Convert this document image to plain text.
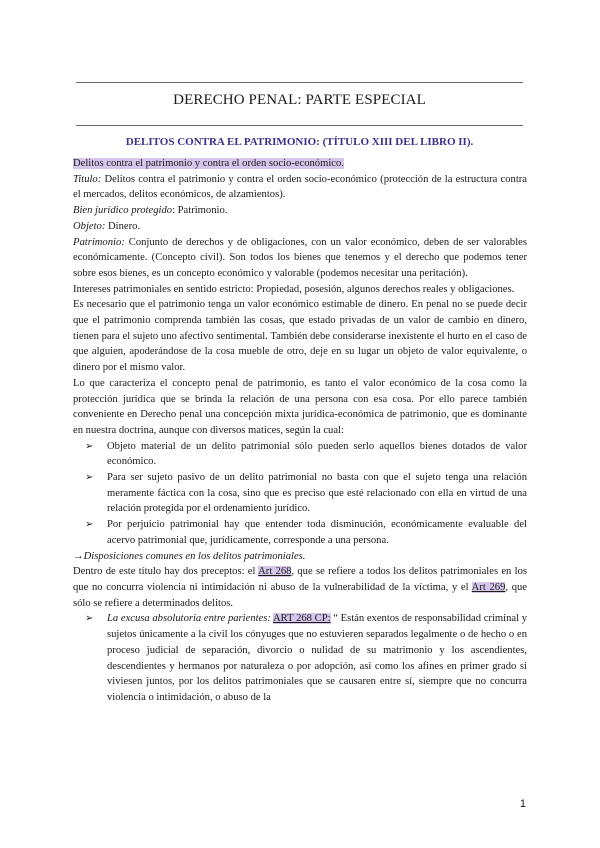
DERECHO PENAL: PARTE ESPECIAL
DELITOS CONTRA EL PATRIMONIO: (TÍTULO XIII DEL LIBRO II).

Delitos contra el patrimonio y contra el orden socio-económico.

Titulo: Delitos contra el patrimonio y contra el orden socio-económico (protección de la estructura contra el mercados, delitos económicos, de alzamientos).

Bien jurídico protegido: Patrimonio.

Objeto: Dinero.

Patrimonio: Conjunto de derechos y de obligaciones, con un valor económico, deben de ser valorables económicamente. (Concepto civil). Son todos los bienes que tenemos y el derecho que podemos tener sobre esos bienes, es un concepto económico y valorable (podemos necesitar una peritación).

Intereses patrimoniales en sentido estricto: Propiedad, posesión, algunos derechos reales y obligaciones.

Es necesario que el patrimonio tenga un valor económico estimable de dinero. En penal no se puede decir que el patrimonio comprenda también las cosas, que estado privadas de un valor de cambio en dinero, tienen para el sujeto uno afectivo sentimental. También debe considerarse inexistente el hurto en el caso de que alguien, apoderándose de la cosa mueble de otro, deje en su lugar un objeto de valor equivalente, o dinero por el mismo valor.

Lo que caracteriza el concepto penal de patrimonio, es tanto el valor económico de la cosa como la protección jurídica que se brinda la relación de una persona con esa cosa. Por ello parece también conveniente en Derecho penal una concepción mixta jurídica-económica de patrimonio, que es dominante en nuestra doctrina, aunque con diversos matices, según la cual:

➢ Objeto material de un delito patrimonial sólo pueden serlo aquellos bienes dotados de valor económico.
➢ Para ser sujeto pasivo de un delito patrimonial no basta con que el sujeto tenga una relación meramente fáctica con la cosa, sino que es preciso que esté relacionado con ella en virtud de una relación protegida por el ordenamiento jurídico.
➢ Por perjuicio patrimonial hay que entender toda disminución, económicamente evaluable del acervo patrimonial que, jurídicamente, corresponde a una persona.

→Disposiciones comunes en los delitos patrimoniales.

Dentro de este título hay dos preceptos: el Art 268, que se refiere a todos los delitos patrimoniales en los que no concurra violencia ni intimidación ni abuso de la vulnerabilidad de la víctima, y el Art 269, que sólo se refiere a determinados delitos.

➢ La excusa absolutoria entre parientes: ART 268 CP: “ Están exentos de responsabilidad criminal y sujetos únicamente a la civil los cónyuges que no estuvieren separados legalmente o de hecho o en proceso judicial de separación, divorcio o nulidad de su matrimonio y los ascendientes, descendientes y hermanos por naturaleza o por adopción, así como los afines en primer grado si viviesen juntos, por los delitos patrimoniales que se causaren entre sí, siempre que no concurra violencia o intimidación, o abuso de la
1
